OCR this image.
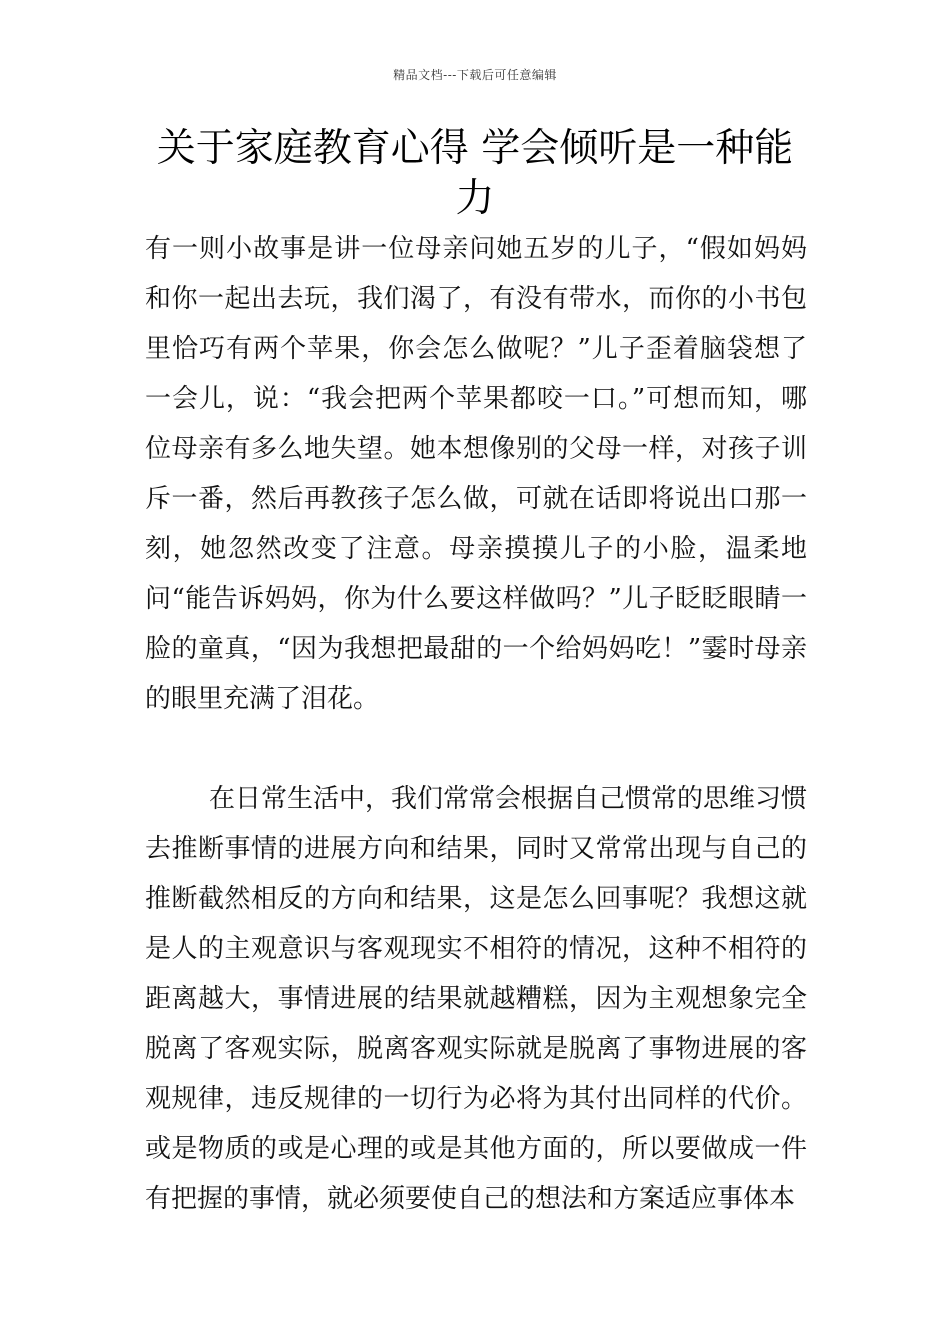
精品文档---下载后可任意编辑
关于家庭教育心得 学会倾听是一种能力

有一则小故事是讲一位母亲问她五岁的儿子，“假如妈妈和你一起出去玩，我们渴了，有没有带水，而你的小书包里恰巧有两个苹果，你会怎么做呢？”儿子歪着脑袋想了一会儿，说：“我会把两个苹果都咬一口。”可想而知，哪位母亲有多么地失望。她本想像别的父母一样，对孩子训斥一番，然后再教孩子怎么做，可就在话即将说出口那一刻，她忽然改变了注意。母亲摸摸儿子的小脸，温柔地问“能告诉妈妈，你为什么要这样做吗？”儿子眨眨眼睛一脸的童真，“因为我想把最甜的一个给妈妈吃！”霎时母亲的眼里充满了泪花。

在日常生活中，我们常常会根据自己惯常的思维习惯去推断事情的进展方向和结果，同时又常常出现与自己的推断截然相反的方向和结果，这是怎么回事呢？我想这就是人的主观意识与客观现实不相符的情况，这种不相符的距离越大，事情进展的结果就越糟糕，因为主观想象完全脱离了客观实际，脱离客观实际就是脱离了事物进展的客观规律，违反规律的一切行为必将为其付出同样的代价。或是物质的或是心理的或是其他方面的，所以要做成一件有把握的事情，就必须要使自己的想法和方案适应事体本
